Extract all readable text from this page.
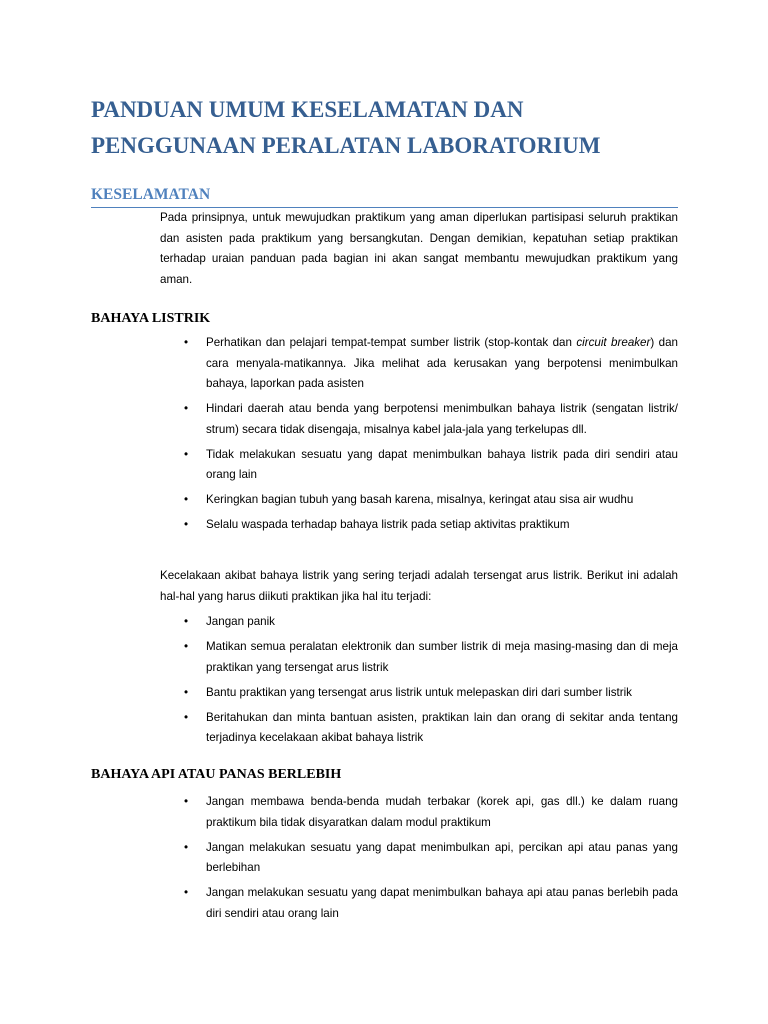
PANDUAN UMUM KESELAMATAN DAN
PENGGUNAAN PERALATAN LABORATORIUM
KESELAMATAN

Pada prinsipnya, untuk mewujudkan praktikum yang aman diperlukan partisipasi seluruh praktikan dan asisten pada praktikum yang bersangkutan. Dengan demikian, kepatuhan setiap praktikan terhadap uraian panduan pada bagian ini akan sangat membantu mewujudkan praktikum yang aman.

BAHAYA LISTRIK
• Perhatikan dan pelajari tempat-tempat sumber listrik (stop-kontak dan circuit breaker) dan cara menyala-matikannya. Jika melihat ada kerusakan yang berpotensi menimbulkan bahaya, laporkan pada asisten
• Hindari daerah atau benda yang berpotensi menimbulkan bahaya listrik (sengatan listrik/ strum) secara tidak disengaja, misalnya kabel jala-jala yang terkelupas dll.
• Tidak melakukan sesuatu yang dapat menimbulkan bahaya listrik pada diri sendiri atau orang lain
• Keringkan bagian tubuh yang basah karena, misalnya, keringat atau sisa air wudhu
• Selalu waspada terhadap bahaya listrik pada setiap aktivitas praktikum

Kecelakaan akibat bahaya listrik yang sering terjadi adalah tersengat arus listrik. Berikut ini adalah hal-hal yang harus diikuti praktikan jika hal itu terjadi:

• Jangan panik
• Matikan semua peralatan elektronik dan sumber listrik di meja masing-masing dan di meja praktikan yang tersengat arus listrik
• Bantu praktikan yang tersengat arus listrik untuk melepaskan diri dari sumber listrik
• Beritahukan dan minta bantuan asisten, praktikan lain dan orang di sekitar anda tentang terjadinya kecelakaan akibat bahaya listrik
BAHAYA API ATAU PANAS BERLEBIH
• Jangan membawa benda-benda mudah terbakar (korek api, gas dll.) ke dalam ruang praktikum bila tidak disyaratkan dalam modul praktikum
• Jangan melakukan sesuatu yang dapat menimbulkan api, percikan api atau panas yang berlebihan
• Jangan melakukan sesuatu yang dapat menimbulkan bahaya api atau panas berlebih pada diri sendiri atau orang lain
